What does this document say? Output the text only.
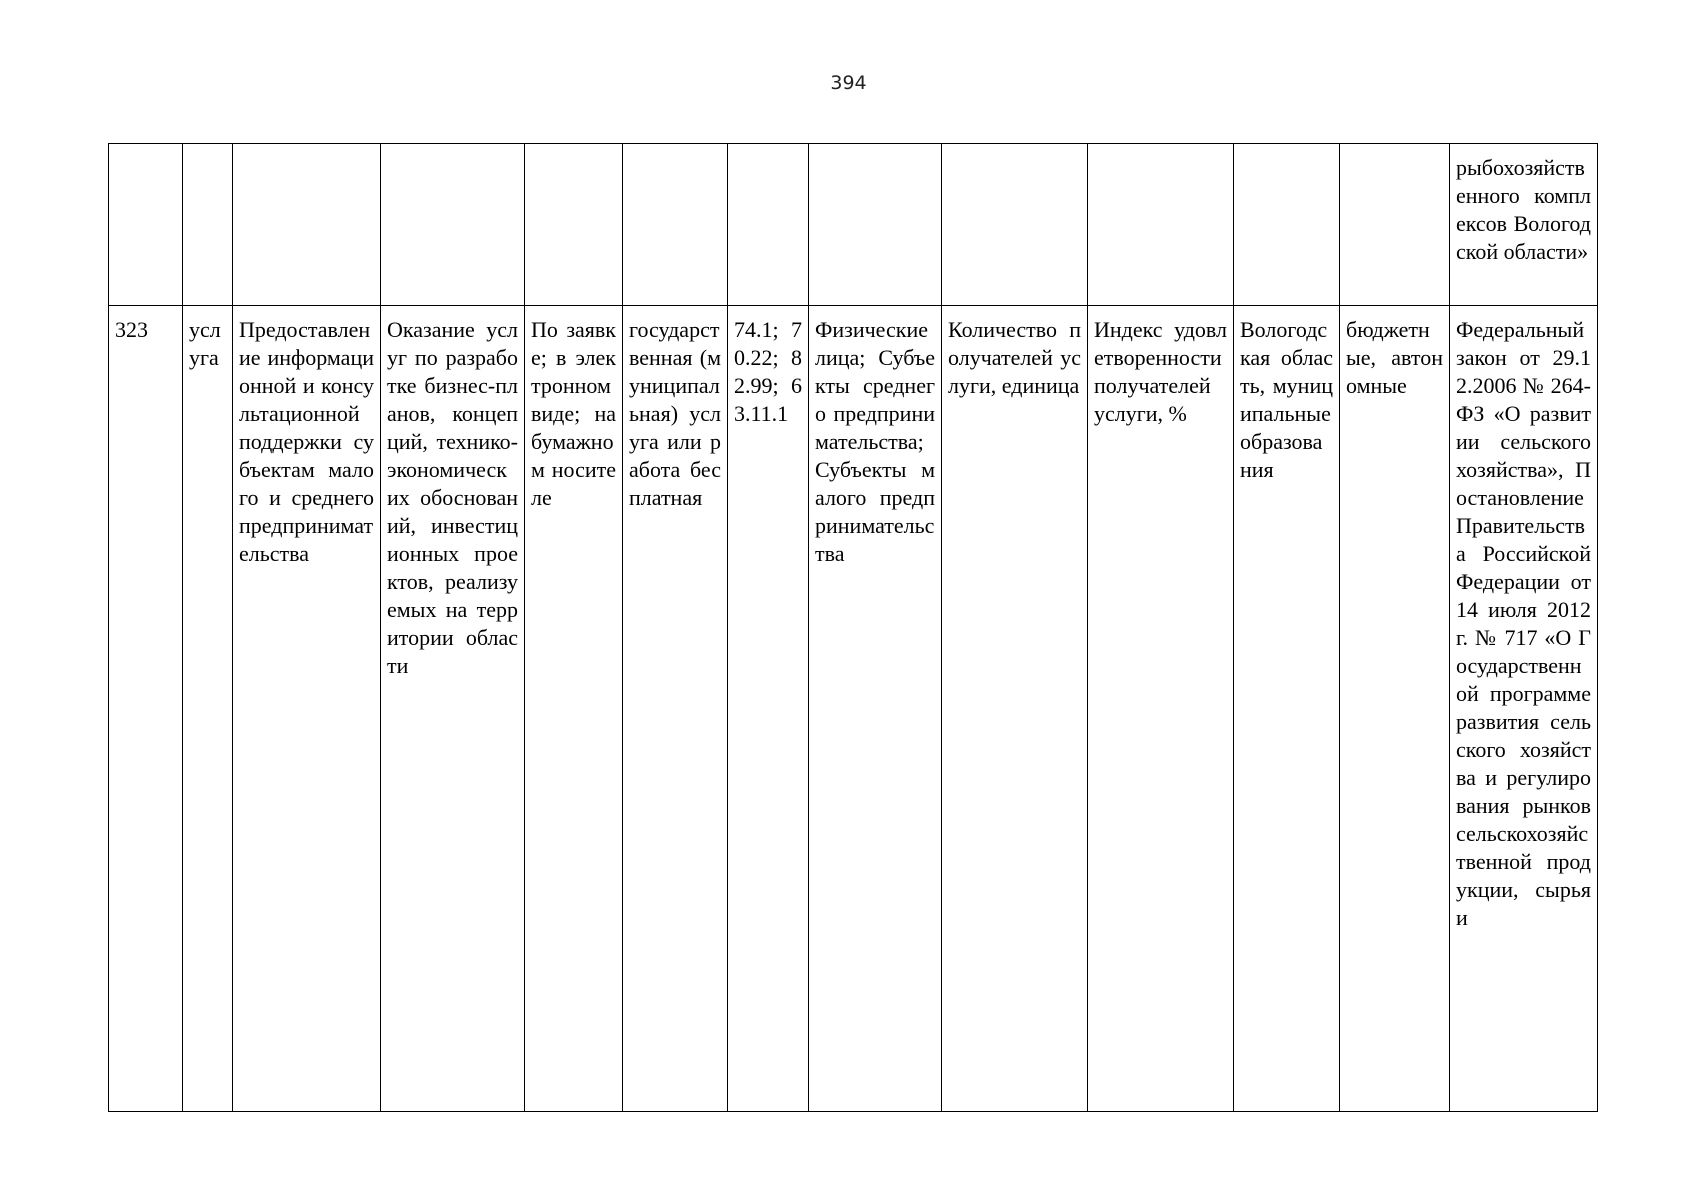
394

												рыбохозяйственного комплексов Вологодской области»

323	услуга	Предоставление информационной и консультационной поддержки субъектам малого и среднего предпринимательства	Оказание услуг по разработке бизнес-планов, концепций, технико-экономических обоснований, инвестиционных проектов, реализуемых на территории области	По заявке; в электронном виде; на бумажном носителе	государственная (муниципальная) услуга или работа бесплатная	74.1; 70.22; 82.99; 63.11.1	Физические лица; Субъекты среднего предпринимательства; Субъекты малого предпринимательства	Количество получателей услуги, единица	Индекс удовлетворенности получателей услуги, %	Вологодская область, муниципальные образования	бюджетные, автономные	Федеральный закон от 29.12.2006 № 264-ФЗ «О развитии сельского хозяйства», Постановление Правительства Российской Федерации от 14 июля 2012 г. № 717 «О Государственной программе развития сельского хозяйства и регулирования рынков сельскохозяйственной продукции, сырья и
